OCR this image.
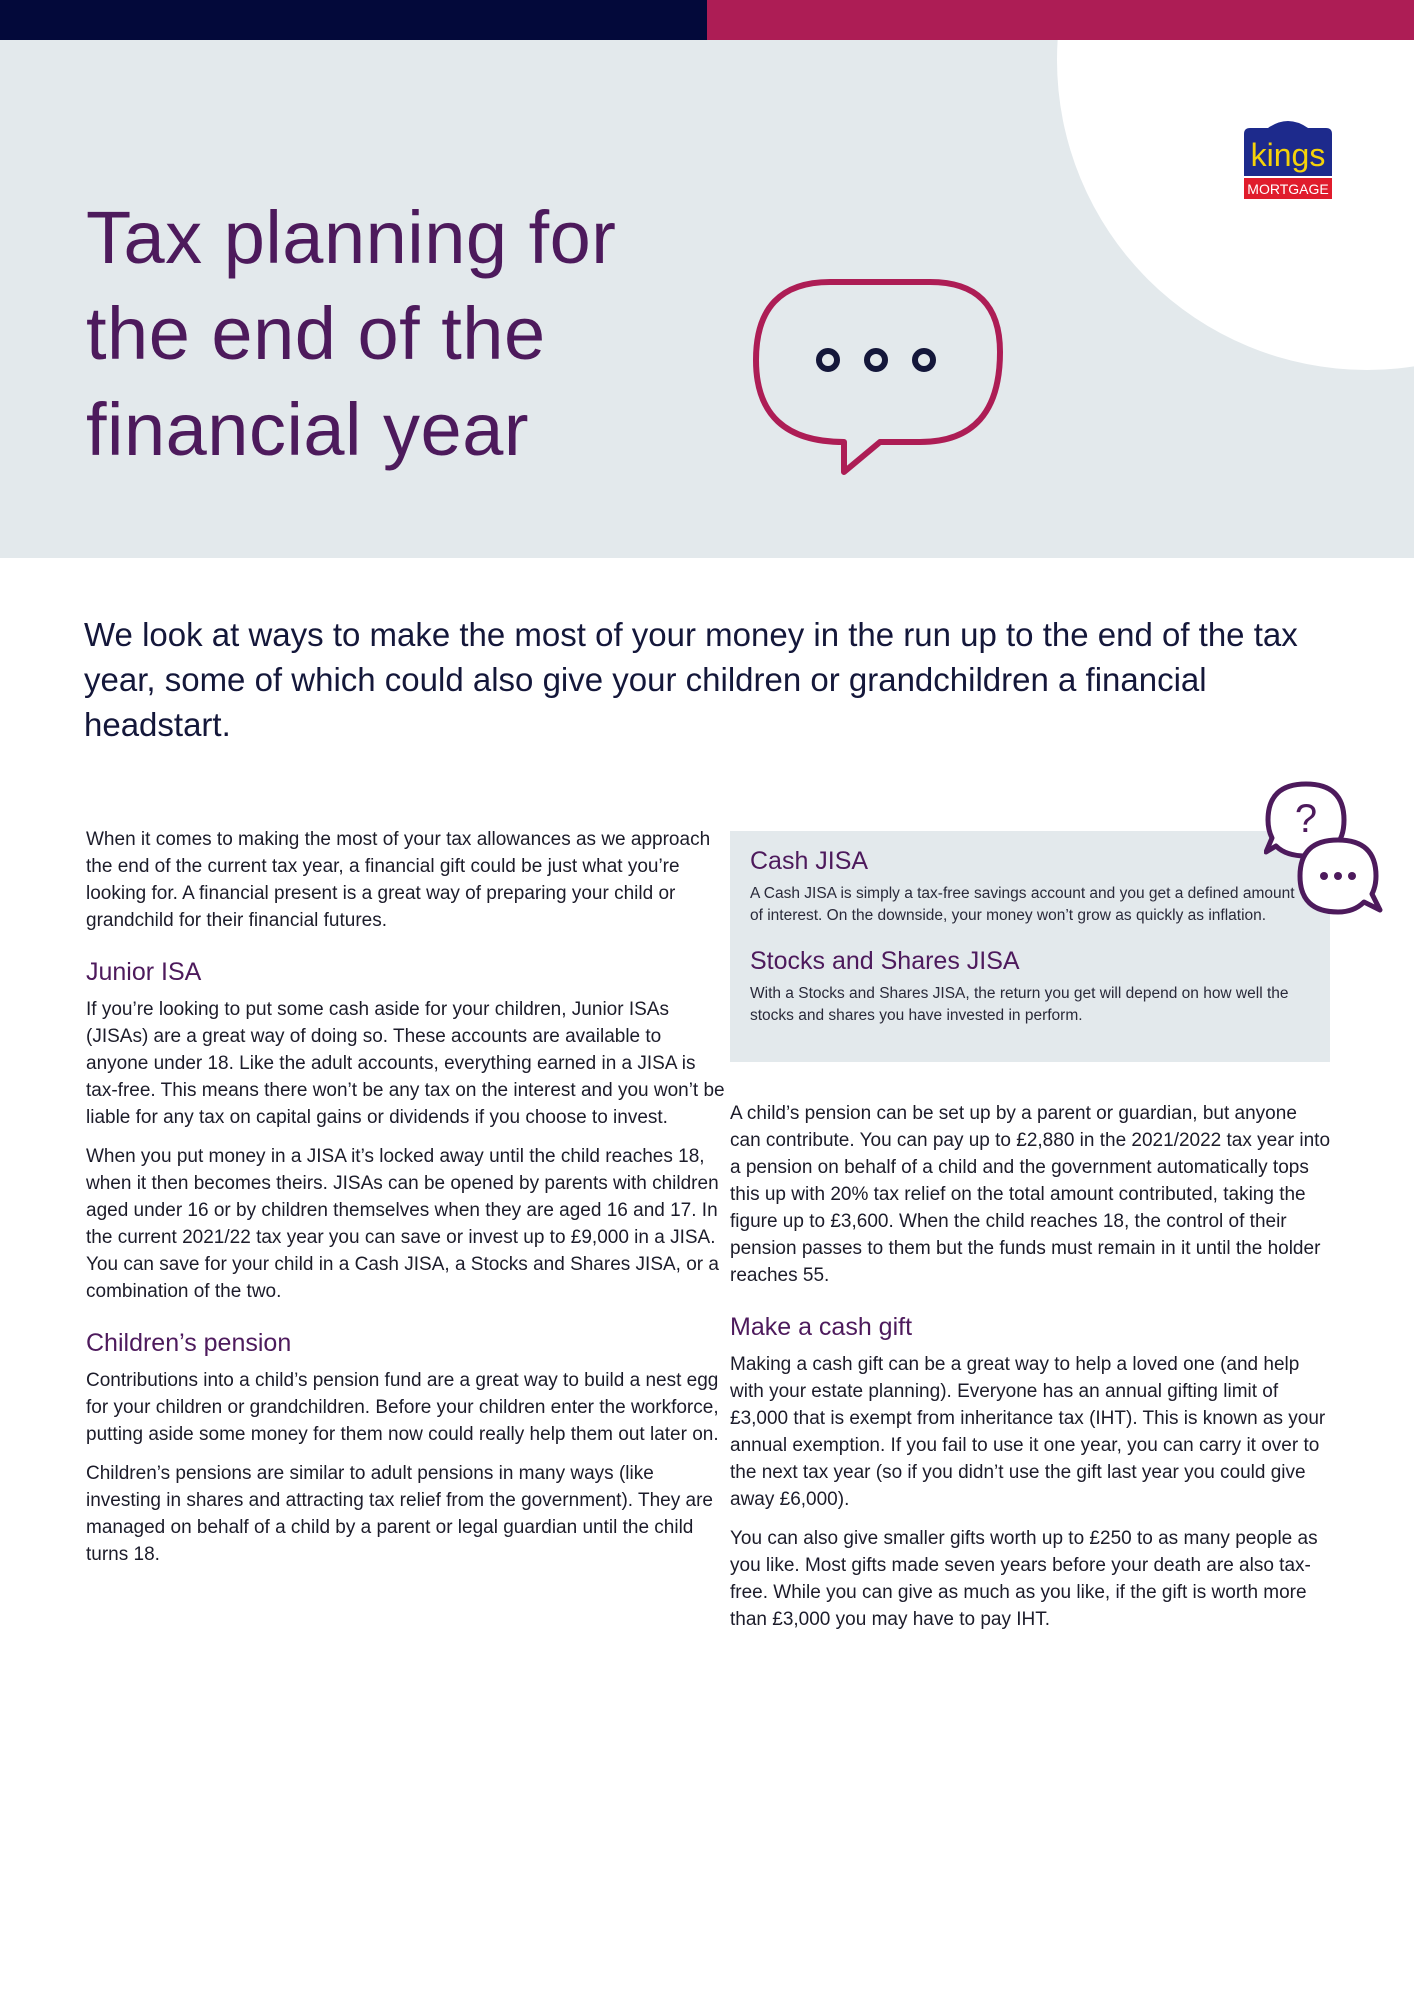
kings
MORTGAGE
Tax planning for
the end of the
financial year

We look at ways to make the most of your money in the run up to the end of the tax year, some of which could also give your children or grandchildren a financial headstart.

When it comes to making the most of your tax allowances as we approach the end of the current tax year, a financial gift could be just what you’re looking for. A financial present is a great way of preparing your child or grandchild for their financial futures.

Junior ISA

If you’re looking to put some cash aside for your children, Junior ISAs (JISAs) are a great way of doing so. These accounts are available to anyone under 18. Like the adult accounts, everything earned in a JISA is tax-free. This means there won’t be any tax on the interest and you won’t be liable for any tax on capital gains or dividends if you choose to invest.

When you put money in a JISA it’s locked away until the child reaches 18, when it then becomes theirs. JISAs can be opened by parents with children aged under 16 or by children themselves when they are aged 16 and 17. In the current 2021/22 tax year you can save or invest up to £9,000 in a JISA. You can save for your child in a Cash JISA, a Stocks and Shares JISA, or a combination of the two.

Children’s pension

Contributions into a child’s pension fund are a great way to build a nest egg for your children or grandchildren. Before your children enter the workforce, putting aside some money for them now could really help them out later on.

Children’s pensions are similar to adult pensions in many ways (like investing in shares and attracting tax relief from the government). They are managed on behalf of a child by a parent or legal guardian until the child turns 18.

Cash JISA

A Cash JISA is simply a tax-free savings account and you get a defined amount of interest. On the downside, your money won’t grow as quickly as inflation.

Stocks and Shares JISA

With a Stocks and Shares JISA, the return you get will depend on how well the stocks and shares you have invested in perform.

?

A child’s pension can be set up by a parent or guardian, but anyone can contribute. You can pay up to £2,880 in the 2021/2022 tax year into a pension on behalf of a child and the government automatically tops this up with 20% tax relief on the total amount contributed, taking the figure up to £3,600. When the child reaches 18, the control of their pension passes to them but the funds must remain in it until the holder reaches 55.

Make a cash gift

Making a cash gift can be a great way to help a loved one (and help with your estate planning). Everyone has an annual gifting limit of £3,000 that is exempt from inheritance tax (IHT). This is known as your annual exemption. If you fail to use it one year, you can carry it over to the next tax year (so if you didn’t use the gift last year you could give away £6,000).

You can also give smaller gifts worth up to £250 to as many people as you like. Most gifts made seven years before your death are also tax-free. While you can give as much as you like, if the gift is worth more than £3,000 you may have to pay IHT.
